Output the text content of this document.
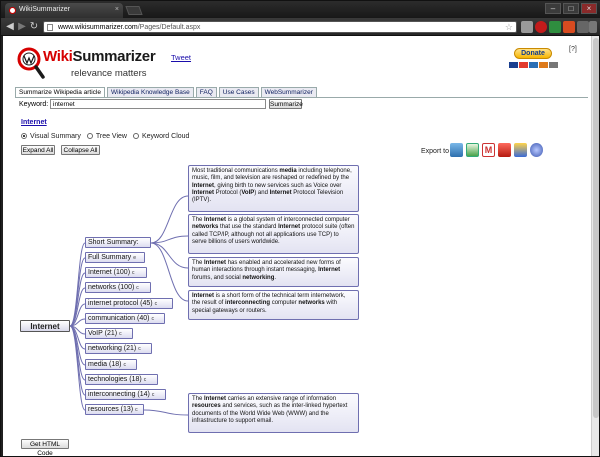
WikiSummarizer	×	–	□	×
◀ ▶ ↻	www.wikisummarizer.com/Pages/Default.aspx	☆
WikiSummarizer
relevance matters
Tweet	Donate
[?]
Summarize Wikipedia article	Wikipedia Knowledge Base	FAQ	Use Cases	WebSummarizer
Keyword:
internet	Summarize
Internet
Visual Summary	Tree View	Keyword Cloud
Expand All	Collapse All	Export to	M
Internet
Short Summary:
Full Summary e
Internet (100) c
networks (100) c
internet protocol (45) c
communication (40) c
VoIP (21) c
networking (21) c
media (18) c
technologies (18) c
interconnecting (14) c
resources (13) c
Most traditional communications media including telephone, music, film, and television are reshaped or redefined by the Internet, giving birth to new services such as Voice over Internet Protocol (VoIP) and Internet Protocol Television (IPTV).
The Internet is a global system of interconnected computer networks that use the standard Internet protocol suite (often called TCP/IP, although not all applications use TCP) to serve billions of users worldwide.
The Internet has enabled and accelerated new forms of human interactions through instant messaging, Internet forums, and social networking.
Internet is a short form of the technical term internetwork, the result of interconnecting computer networks with special gateways or routers.
The Internet carries an extensive range of information resources and services, such as the inter-linked hypertext documents of the World Wide Web (WWW) and the infrastructure to support email.
Get HTML Code
